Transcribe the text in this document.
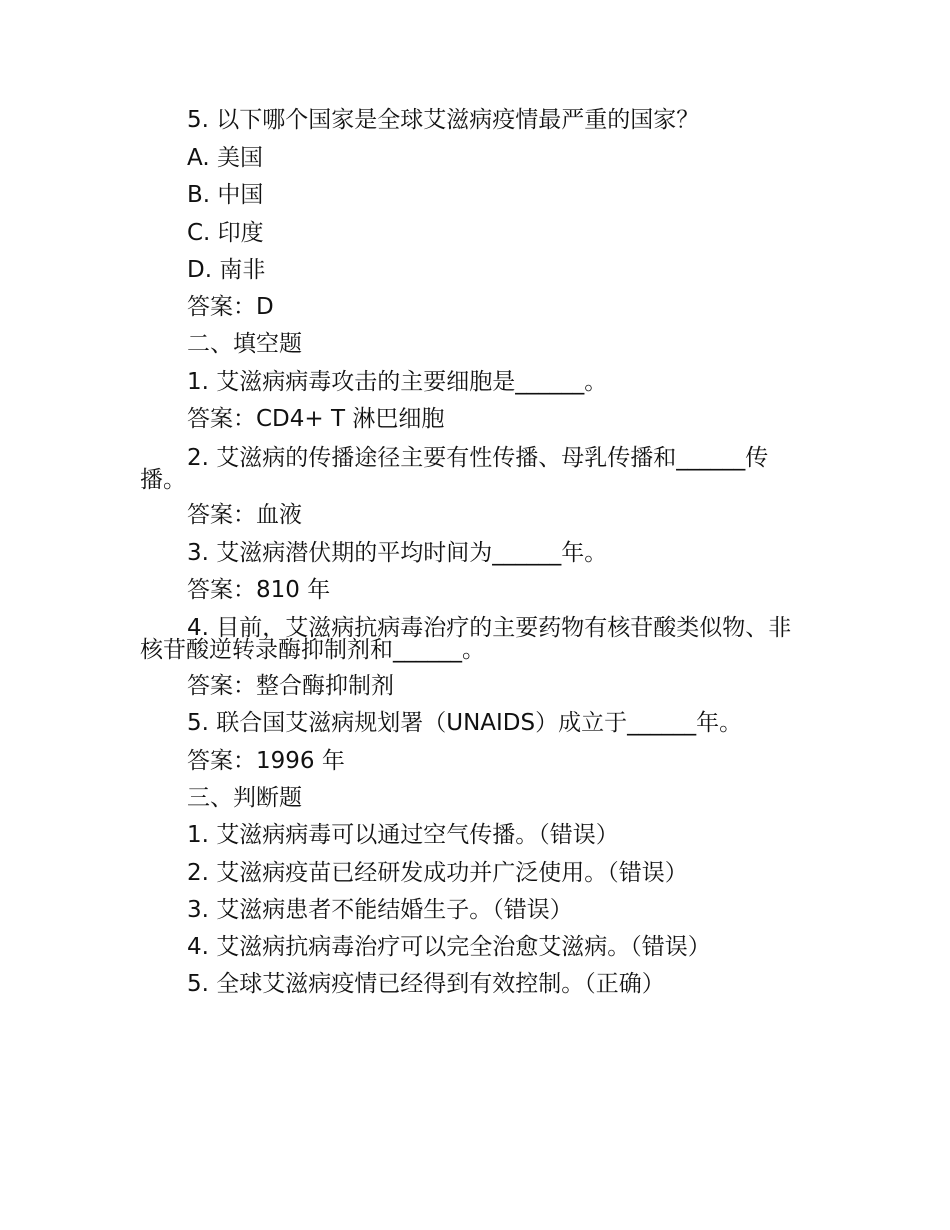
5. 以下哪个国家是全球艾滋病疫情最严重的国家？

A. 美国

B. 中国

C. 印度

D. 南非

答案：D

二、填空题

1. 艾滋病病毒攻击的主要细胞是______。

答案：CD4+ T 淋巴细胞

2. 艾滋病的传播途径主要有性传播、母乳传播和______传播。

答案：血液

3. 艾滋病潜伏期的平均时间为______年。

答案：810 年

4. 目前，艾滋病抗病毒治疗的主要药物有核苷酸类似物、非核苷酸逆转录酶抑制剂和______。

答案：整合酶抑制剂

5. 联合国艾滋病规划署（UNAIDS）成立于______年。

答案：1996 年

三、判断题

1. 艾滋病病毒可以通过空气传播。（错误）

2. 艾滋病疫苗已经研发成功并广泛使用。（错误）

3. 艾滋病患者不能结婚生子。（错误）

4. 艾滋病抗病毒治疗可以完全治愈艾滋病。（错误）

5. 全球艾滋病疫情已经得到有效控制。（正确）
